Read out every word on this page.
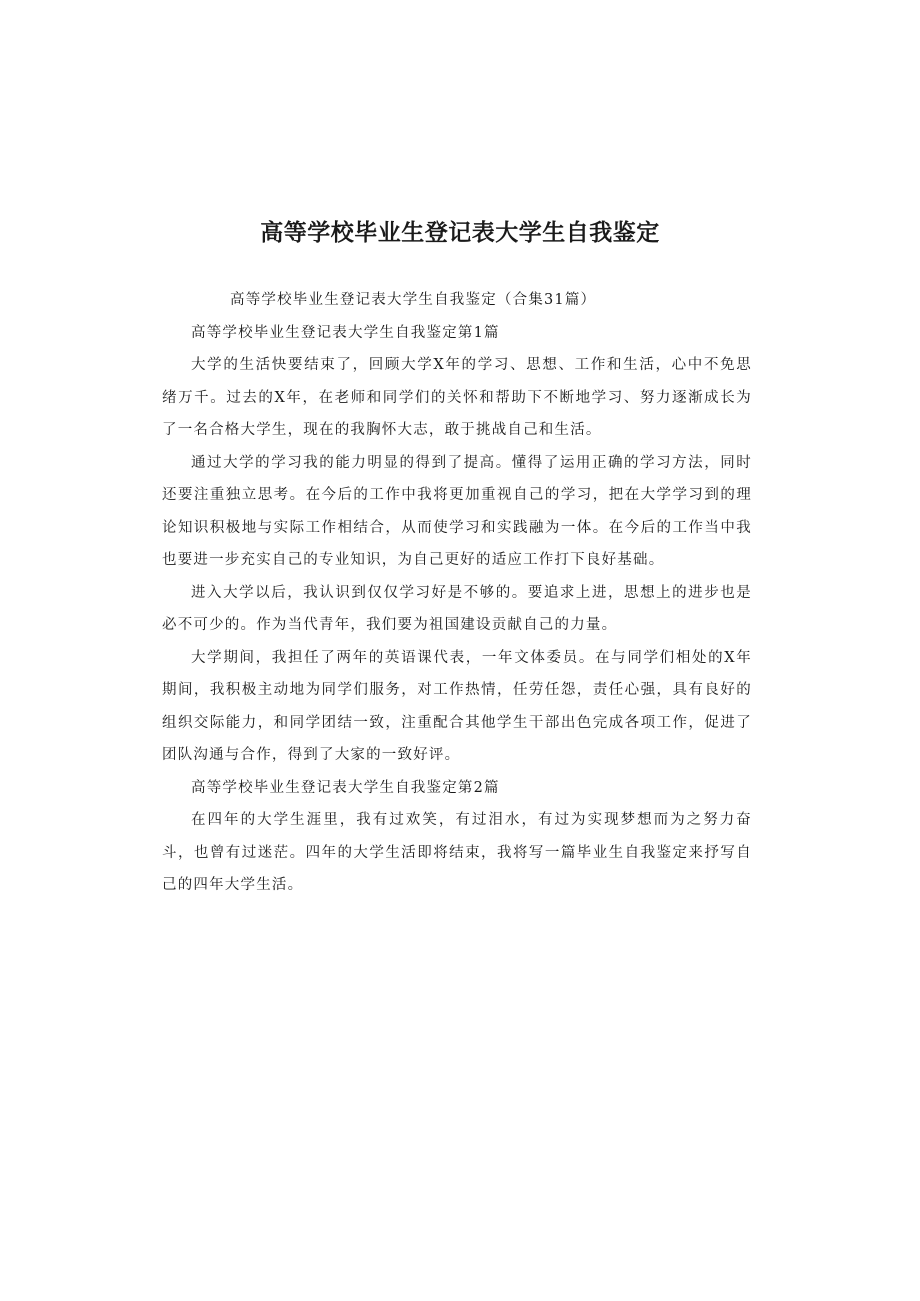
高等学校毕业生登记表大学生自我鉴定

高等学校毕业生登记表大学生自我鉴定（合集31篇）

高等学校毕业生登记表大学生自我鉴定第1篇

大学的生活快要结束了，回顾大学X年的学习、思想、工作和生活，心中不免思绪万千。过去的X年，在老师和同学们的关怀和帮助下不断地学习、努力逐渐成长为了一名合格大学生，现在的我胸怀大志，敢于挑战自己和生活。

通过大学的学习我的能力明显的得到了提高。懂得了运用正确的学习方法，同时还要注重独立思考。在今后的工作中我将更加重视自己的学习，把在大学学习到的理论知识积极地与实际工作相结合，从而使学习和实践融为一体。在今后的工作当中我也要进一步充实自己的专业知识，为自己更好的适应工作打下良好基础。

进入大学以后，我认识到仅仅学习好是不够的。要追求上进，思想上的进步也是必不可少的。作为当代青年，我们要为祖国建设贡献自己的力量。

大学期间，我担任了两年的英语课代表，一年文体委员。在与同学们相处的X年期间，我积极主动地为同学们服务，对工作热情，任劳任怨，责任心强，具有良好的组织交际能力，和同学团结一致，注重配合其他学生干部出色完成各项工作，促进了团队沟通与合作，得到了大家的一致好评。

高等学校毕业生登记表大学生自我鉴定第2篇

在四年的大学生涯里，我有过欢笑，有过泪水，有过为实现梦想而为之努力奋斗，也曾有过迷茫。四年的大学生活即将结束，我将写一篇毕业生自我鉴定来抒写自己的四年大学生活。
